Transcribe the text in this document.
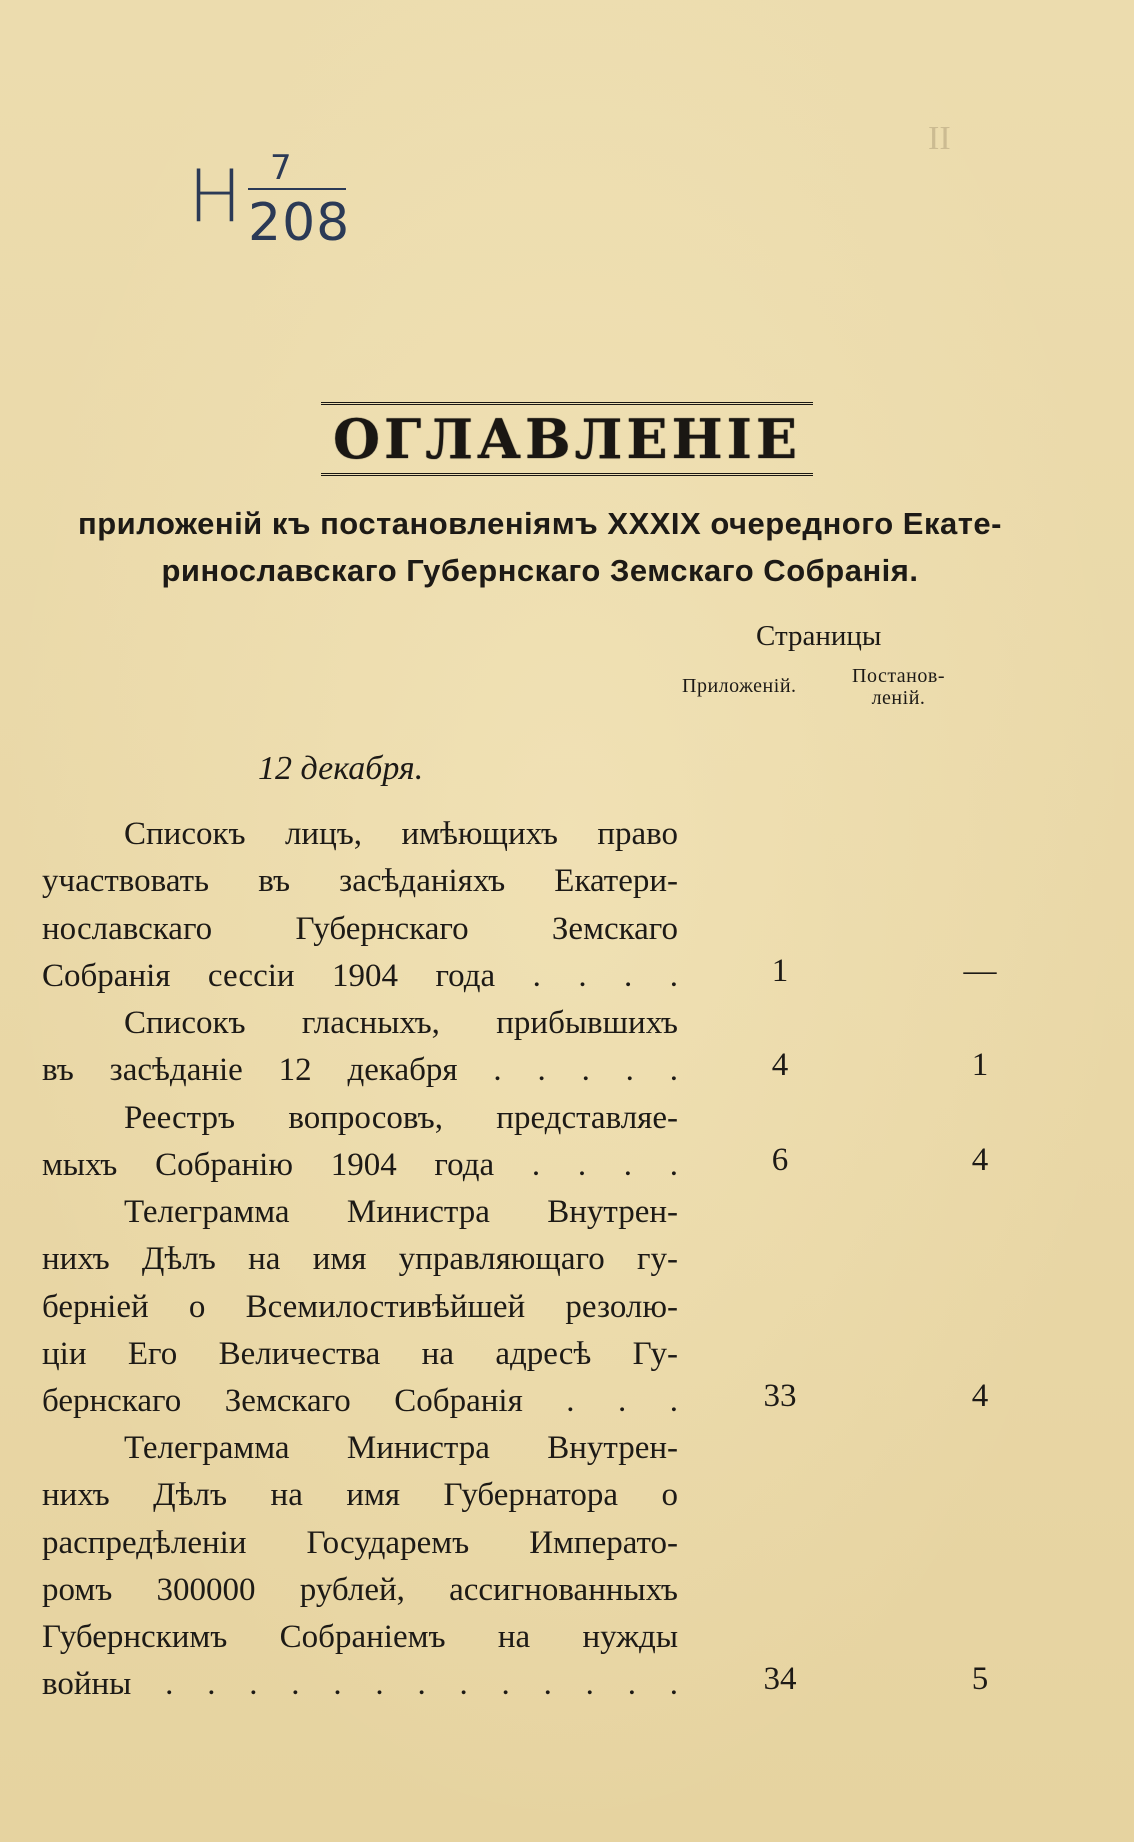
H 7
208
II
ОГЛАВЛЕНІЕ
приложеній къ постановленіямъ XXXIX очередного Екате-
ринославскаго Губернскаго Земскаго Собранія.
Страницы
Приложеній.	Постанов-
леній.
12 декабря.
Списокъ лицъ, имѣющихъ право
участвовать въ засѣданіяхъ Екатери-
нославскаго Губернскаго Земскаго
Собранія сессіи 1904 года . . . .	1	—
Списокъ гласныхъ, прибывшихъ
въ засѣданіе 12 декабря . . . . .	4	1
Реестръ вопросовъ, представляе-
мыхъ Собранію 1904 года . . . .	6	4
Телеграмма Министра Внутрен-
нихъ Дѣлъ на имя управляющаго гу-
берніей о Всемилостивѣйшей резолю-
ціи Его Величества на адресѣ Гу-
бернскаго Земскаго Собранія . . .	33	4
Телеграмма Министра Внутрен-
нихъ Дѣлъ на имя Губернатора о
распредѣленіи Государемъ Императо-
ромъ 300000 рублей, ассигнованныхъ
Губернскимъ Собраніемъ на нужды
войны . . . . . . . . . . . . .	34	5
